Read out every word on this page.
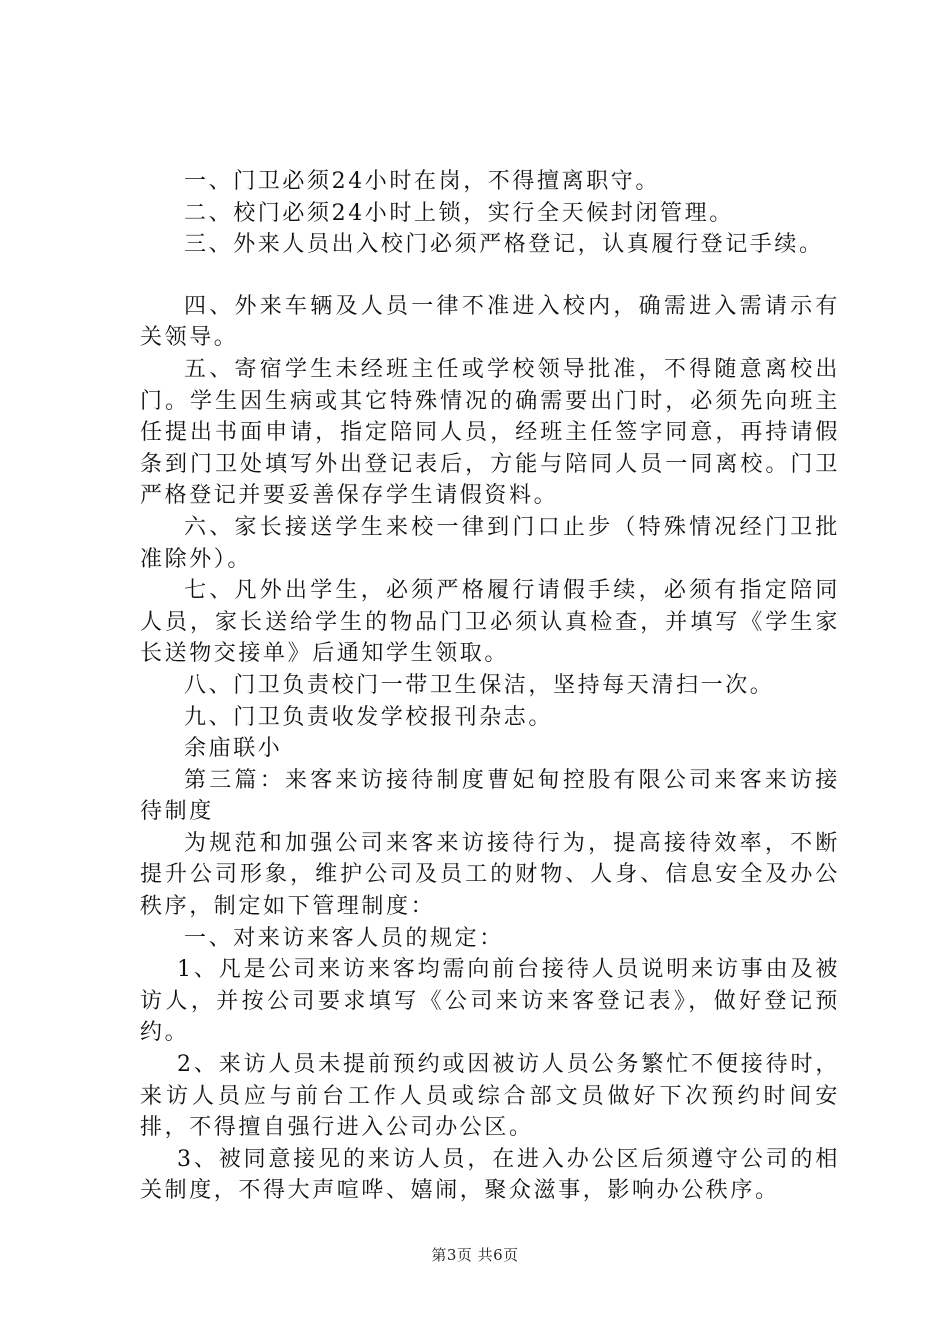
一、门卫必须24小时在岗，不得擅离职守。

二、校门必须24小时上锁，实行全天候封闭管理。

三、外来人员出入校门必须严格登记，认真履行登记手续。

四、外来车辆及人员一律不准进入校内，确需进入需请示有关领导。

五、寄宿学生未经班主任或学校领导批准，不得随意离校出门。学生因生病或其它特殊情况的确需要出门时，必须先向班主任提出书面申请，指定陪同人员，经班主任签字同意，再持请假条到门卫处填写外出登记表后，方能与陪同人员一同离校。门卫严格登记并要妥善保存学生请假资料。

六、家长接送学生来校一律到门口止步（特殊情况经门卫批准除外）。

七、凡外出学生，必须严格履行请假手续，必须有指定陪同人员，家长送给学生的物品门卫必须认真检查，并填写《学生家长送物交接单》后通知学生领取。

八、门卫负责校门一带卫生保洁，坚持每天清扫一次。

九、门卫负责收发学校报刊杂志。

余庙联小

第三篇：来客来访接待制度曹妃甸控股有限公司来客来访接待制度

为规范和加强公司来客来访接待行为，提高接待效率，不断提升公司形象，维护公司及员工的财物、人身、信息安全及办公秩序，制定如下管理制度：

一、对来访来客人员的规定：

1、凡是公司来访来客均需向前台接待人员说明来访事由及被访人，并按公司要求填写《公司来访来客登记表》，做好登记预约。

2、来访人员未提前预约或因被访人员公务繁忙不便接待时，来访人员应与前台工作人员或综合部文员做好下次预约时间安排，不得擅自强行进入公司办公区。

3、被同意接见的来访人员，在进入办公区后须遵守公司的相关制度，不得大声喧哗、嬉闹，聚众滋事，影响办公秩序。

第3页 共6页
